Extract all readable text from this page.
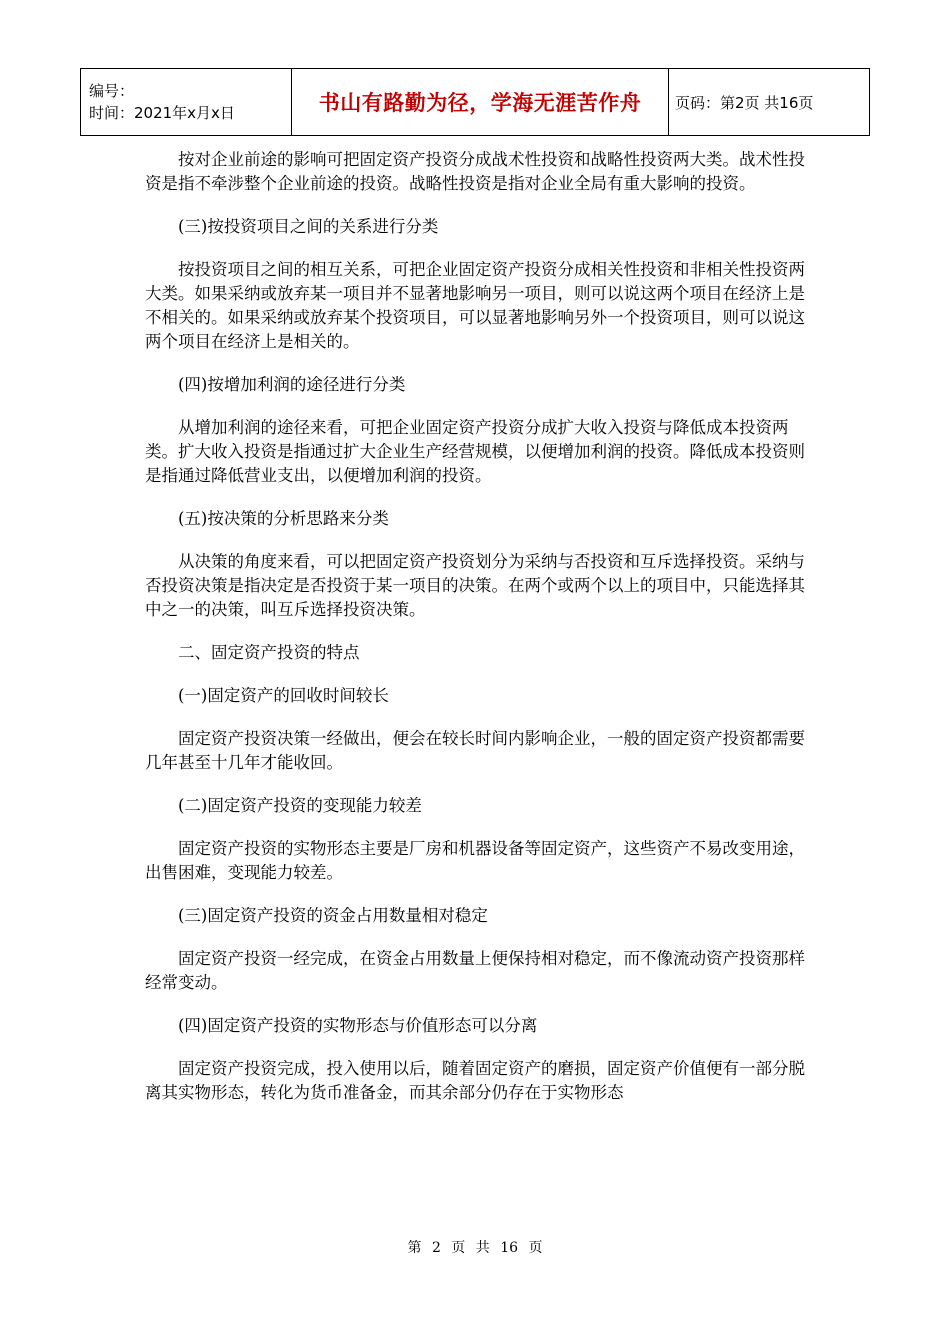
编号：
时间：2021年x月x日	书山有路勤为径，学海无涯苦作舟	页码：第2页 共16页

按对企业前途的影响可把固定资产投资分成战术性投资和战略性投资两大类。战术性投资是指不牵涉整个企业前途的投资。战略性投资是指对企业全局有重大影响的投资。

(三)按投资项目之间的关系进行分类

按投资项目之间的相互关系，可把企业固定资产投资分成相关性投资和非相关性投资两大类。如果采纳或放弃某一项目并不显著地影响另一项目，则可以说这两个项目在经济上是不相关的。如果采纳或放弃某个投资项目，可以显著地影响另外一个投资项目，则可以说这两个项目在经济上是相关的。

(四)按增加利润的途径进行分类

从增加利润的途径来看，可把企业固定资产投资分成扩大收入投资与降低成本投资两类。扩大收入投资是指通过扩大企业生产经营规模，以便增加利润的投资。降低成本投资则是指通过降低营业支出，以便增加利润的投资。

(五)按决策的分析思路来分类

从决策的角度来看，可以把固定资产投资划分为采纳与否投资和互斥选择投资。采纳与否投资决策是指决定是否投资于某一项目的决策。在两个或两个以上的项目中，只能选择其中之一的决策，叫互斥选择投资决策。

二、固定资产投资的特点

(一)固定资产的回收时间较长

固定资产投资决策一经做出，便会在较长时间内影响企业，一般的固定资产投资都需要几年甚至十几年才能收回。

(二)固定资产投资的变现能力较差

固定资产投资的实物形态主要是厂房和机器设备等固定资产，这些资产不易改变用途，出售困难，变现能力较差。

(三)固定资产投资的资金占用数量相对稳定

固定资产投资一经完成，在资金占用数量上便保持相对稳定，而不像流动资产投资那样经常变动。

(四)固定资产投资的实物形态与价值形态可以分离

固定资产投资完成，投入使用以后，随着固定资产的磨损，固定资产价值便有一部分脱离其实物形态，转化为货币准备金，而其余部分仍存在于实物形态

第 2 页 共 16 页
